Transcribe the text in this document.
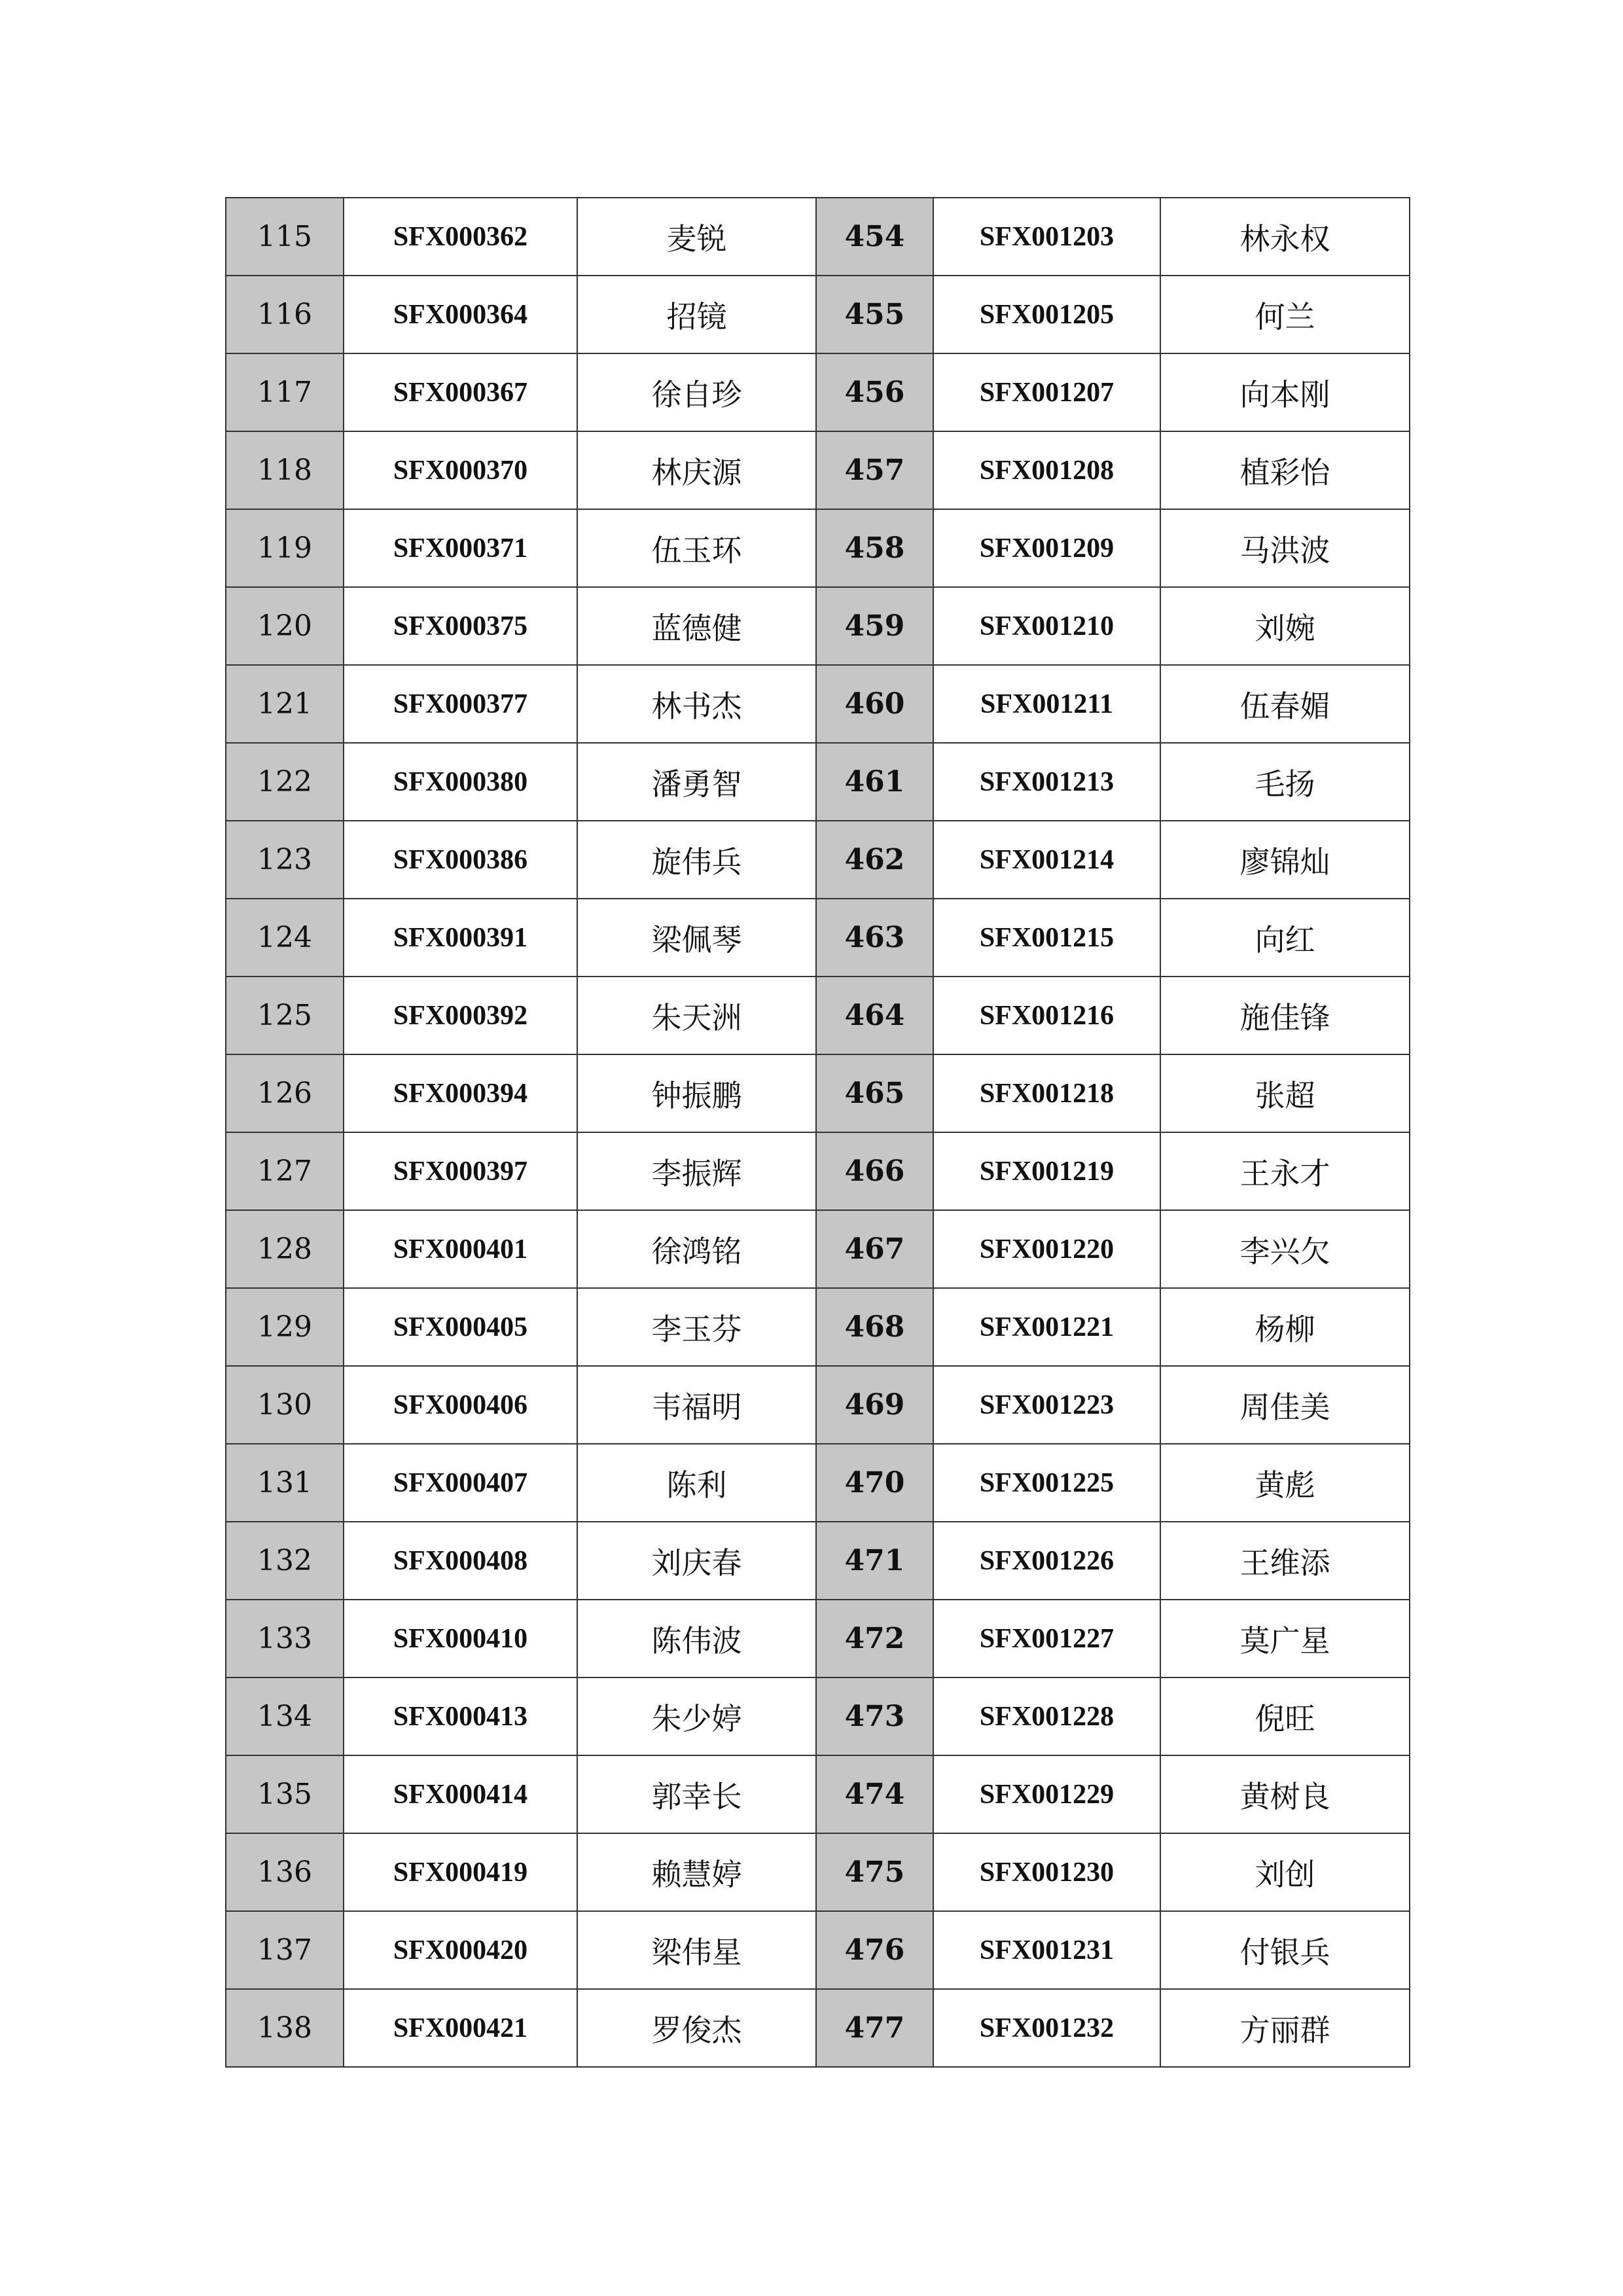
115	SFX000362	麦锐	454	SFX001203	林永权
116	SFX000364	招镜	455	SFX001205	何兰
117	SFX000367	徐自珍	456	SFX001207	向本刚
118	SFX000370	林庆源	457	SFX001208	植彩怡
119	SFX000371	伍玉环	458	SFX001209	马洪波
120	SFX000375	蓝德健	459	SFX001210	刘婉
121	SFX000377	林书杰	460	SFX001211	伍春媚
122	SFX000380	潘勇智	461	SFX001213	毛扬
123	SFX000386	旋伟兵	462	SFX001214	廖锦灿
124	SFX000391	梁佩琴	463	SFX001215	向红
125	SFX000392	朱天洲	464	SFX001216	施佳锋
126	SFX000394	钟振鹏	465	SFX001218	张超
127	SFX000397	李振辉	466	SFX001219	王永才
128	SFX000401	徐鸿铭	467	SFX001220	李兴欠
129	SFX000405	李玉芬	468	SFX001221	杨柳
130	SFX000406	韦福明	469	SFX001223	周佳美
131	SFX000407	陈利	470	SFX001225	黄彪
132	SFX000408	刘庆春	471	SFX001226	王维添
133	SFX000410	陈伟波	472	SFX001227	莫广星
134	SFX000413	朱少婷	473	SFX001228	倪旺
135	SFX000414	郭幸长	474	SFX001229	黄树良
136	SFX000419	赖慧婷	475	SFX001230	刘创
137	SFX000420	梁伟星	476	SFX001231	付银兵
138	SFX000421	罗俊杰	477	SFX001232	方丽群
